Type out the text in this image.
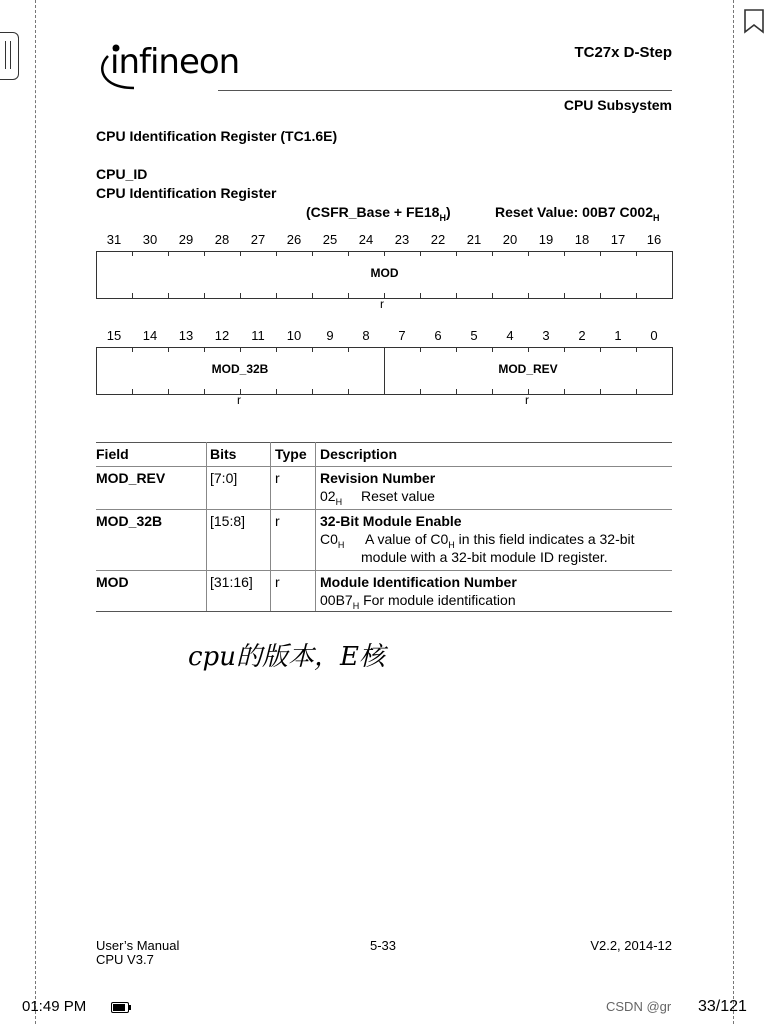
infineon	TC27x D-Step
CPU Subsystem
CPU Identification Register (TC1.6E)
CPU_ID
CPU Identification Register
(CSFR_Base + $FE18_H$)	Reset Value: 00B7 $C002_H$
31	30	29	28	27	26	25	24	23	22	21	20	19	18	17	16
MOD
r
15	14	13	12	11	10	9	8	7	6	5	4	3	2	1	0
MOD_32B	MOD_REV
r	r
Field	Bits	Type Description
MOD_REV	[7:0]	r	Revision Number
$02_H$ Reset value
MOD_32B	[15:8] r	32-Bit Module Enable
$C0_H$ A value of $C0_H$ in this field indicates a 32-bit
module with a 32-bit module ID register.
MOD	[31:16] r	Module Identification Number
$00B7_H$ For module identification
cpu的版本，E核
User’s Manual
CPU V3.7
5-33	V2.2, 2014-12
01:49 PM	CSDN @gr 33/121
